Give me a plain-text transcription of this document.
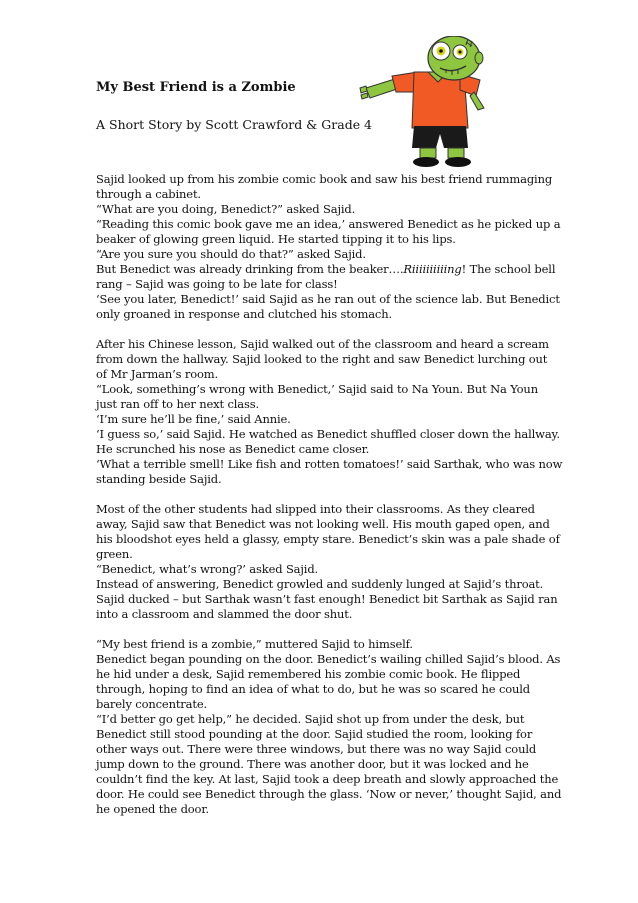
My Best Friend is a Zombie
A Short Story by Scott Crawford & Grade 4

Sajid looked up from his zombie comic book and saw his best friend rummaging
through a cabinet.
“What are you doing, Benedict?” asked Sajid.
“Reading this comic book gave me an idea,’ answered Benedict as he picked up a
beaker of glowing green liquid. He started tipping it to his lips.
“Are you sure you should do that?” asked Sajid.
But Benedict was already drinking from the beaker….Riiiiiiiiiing! The school bell
rang – Sajid was going to be late for class!
‘See you later, Benedict!’ said Sajid as he ran out of the science lab. But Benedict
only groaned in response and clutched his stomach.

After his Chinese lesson, Sajid walked out of the classroom and heard a scream
from down the hallway. Sajid looked to the right and saw Benedict lurching out
of Mr Jarman’s room.
“Look, something’s wrong with Benedict,’ Sajid said to Na Youn. But Na Youn
just ran off to her next class.
‘I’m sure he’ll be fine,’ said Annie.
‘I guess so,’ said Sajid. He watched as Benedict shuffled closer down the hallway.
He scrunched his nose as Benedict came closer.
‘What a terrible smell! Like fish and rotten tomatoes!’ said Sarthak, who was now
standing beside Sajid.

Most of the other students had slipped into their classrooms. As they cleared
away, Sajid saw that Benedict was not looking well. His mouth gaped open, and
his bloodshot eyes held a glassy, empty stare. Benedict’s skin was a pale shade of
green.
“Benedict, what’s wrong?’ asked Sajid.
Instead of answering, Benedict growled and suddenly lunged at Sajid’s throat.
Sajid ducked – but Sarthak wasn’t fast enough! Benedict bit Sarthak as Sajid ran
into a classroom and slammed the door shut.

“My best friend is a zombie,” muttered Sajid to himself.
Benedict began pounding on the door. Benedict’s wailing chilled Sajid’s blood. As
he hid under a desk, Sajid remembered his zombie comic book. He flipped
through, hoping to find an idea of what to do, but he was so scared he could
barely concentrate.
“I’d better go get help,” he decided. Sajid shot up from under the desk, but
Benedict still stood pounding at the door. Sajid studied the room, looking for
other ways out. There were three windows, but there was no way Sajid could
jump down to the ground. There was another door, but it was locked and he
couldn’t find the key. At last, Sajid took a deep breath and slowly approached the
door. He could see Benedict through the glass. ‘Now or never,’ thought Sajid, and
he opened the door.
